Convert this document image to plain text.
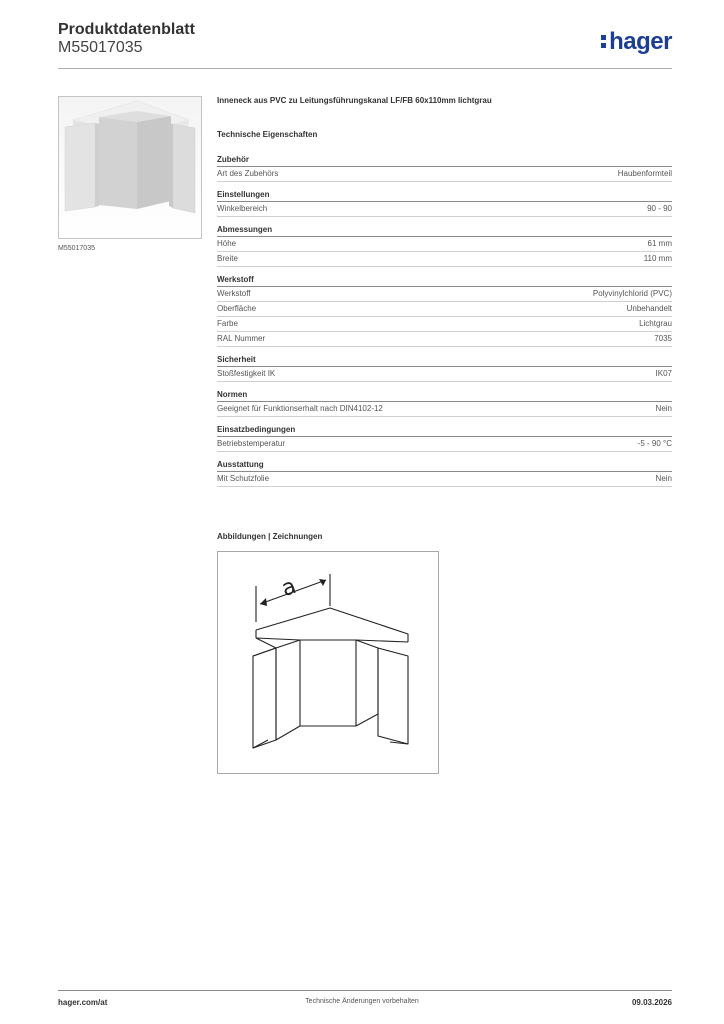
Produktdatenblatt
M55017035	hager
M55017035
Inneneck aus PVC zu Leitungsführungskanal LF/FB 60x110mm lichtgrau
Technische Eigenschaften
Zubehör
Art des Zubehörs	Haubenformteil
Einstellungen
Winkelbereich	90 - 90
Abmessungen
Höhe	61 mm
Breite	110 mm
Werkstoff
Werkstoff	Polyvinylchlorid (PVC)
Oberfläche	Unbehandelt
Farbe	Lichtgrau
RAL Nummer	7035
Sicherheit
Stoßfestigkeit IK	IK07
Normen
Geeignet für Funktionserhalt nach DIN4102-12	Nein
Einsatzbedingungen
Betriebstemperatur	-5 - 90 °C
Ausstattung
Mit Schutzfolie	Nein
Abbildungen | Zeichnungen
a
Technische Änderungen vorbehalten
hager.com/at	09.03.2026
